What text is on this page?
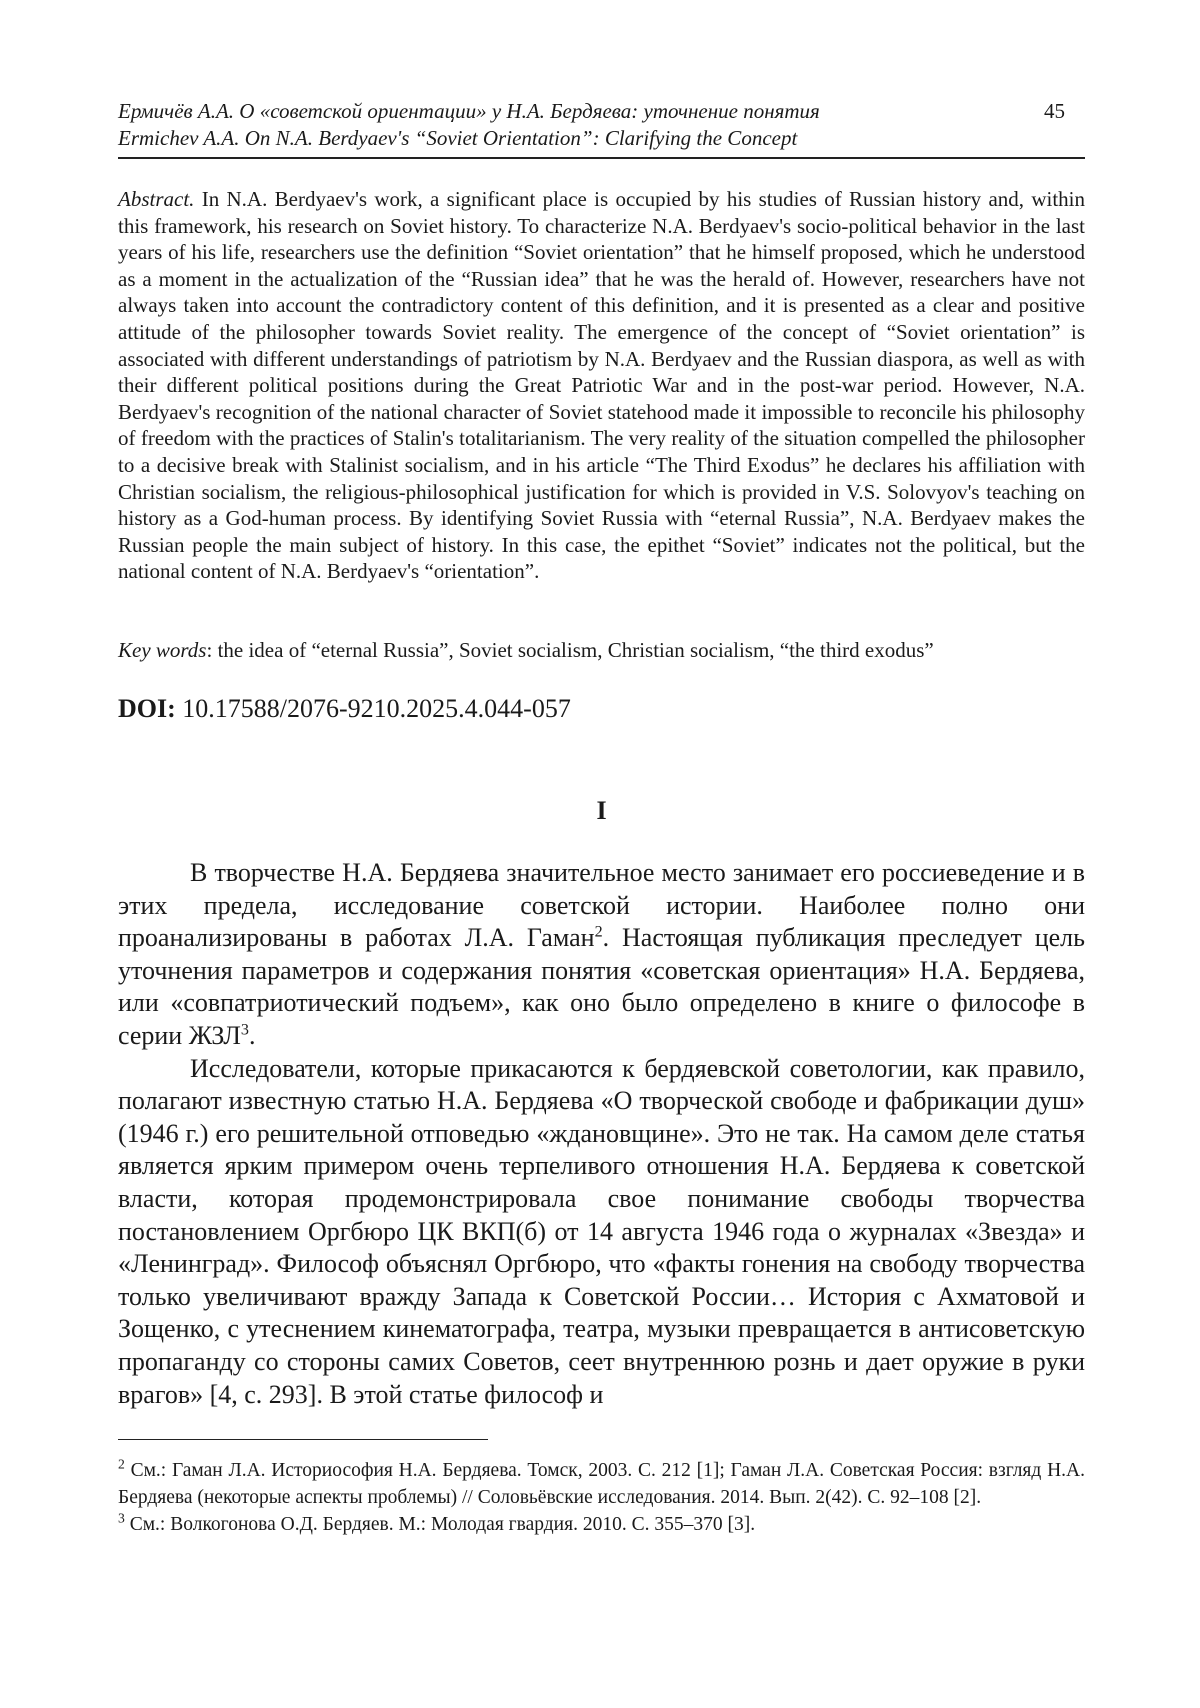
Ермичёв А.А. О «советской ориентации» у Н.А. Бердяева: уточнение понятия
Ermichev A.A. On N.A. Berdyaev's “Soviet Orientation”: Clarifying the Concept
45
Abstract. In N.A. Berdyaev's work, a significant place is occupied by his studies of Russian history and, within this framework, his research on Soviet history. To characterize N.A. Berdyaev's socio-political behavior in the last years of his life, researchers use the definition “Soviet orientation” that he himself proposed, which he understood as a moment in the actualization of the “Russian idea” that he was the herald of. However, researchers have not always taken into account the contradictory content of this definition, and it is presented as a clear and positive attitude of the philosopher towards Soviet reality. The emergence of the concept of “Soviet orientation” is associated with different understandings of patriotism by N.A. Berdyaev and the Russian diaspora, as well as with their different political positions during the Great Patriotic War and in the post-war period. However, N.A. Berdyaev's recognition of the national character of Soviet statehood made it impossible to reconcile his philosophy of freedom with the practices of Stalin's totalitarianism. The very reality of the situation compelled the philosopher to a decisive break with Stalinist socialism, and in his article “The Third Exodus” he declares his affiliation with Christian socialism, the religious-philosophical justification for which is provided in V.S. Solovyov's teaching on history as a God-human process. By identifying Soviet Russia with “eternal Russia”, N.A. Berdyaev makes the Russian people the main subject of history. In this case, the epithet “Soviet” indicates not the political, but the national content of N.A. Berdyaev's “orientation”.
Key words: the idea of “eternal Russia”, Soviet socialism, Christian socialism, “the third exodus”
DOI: 10.17588/2076-9210.2025.4.044-057
I

В творчестве Н.А. Бердяева значительное место занимает его россиеведение и в этих предела, исследование советской истории. Наиболее полно они проанализированы в работах Л.А. Гаман$^2$. Настоящая публикация преследует цель уточнения параметров и содержания понятия «советская ориентация» Н.А. Бердяева, или «совпатриотический подъем», как оно было определено в книге о философе в серии ЖЗЛ$^3$.

Исследователи, которые прикасаются к бердяевской советологии, как правило, полагают известную статью Н.А. Бердяева «О творческой свободе и фабрикации душ» (1946 г.) его решительной отповедью «ждановщине». Это не так. На самом деле статья является ярким примером очень терпеливого отношения Н.А. Бердяева к советской власти, которая продемонстрировала свое понимание свободы творчества постановлением Оргбюро ЦК ВКП(б) от 14 августа 1946 года о журналах «Звезда» и «Ленинград». Философ объяснял Оргбюро, что «факты гонения на свободу творчества только увеличивают вражду Запада к Советской России… История с Ахматовой и Зощенко, с утеснением кинематографа, театра, музыки превращается в антисоветскую пропаганду со стороны самих Советов, сеет внутреннюю рознь и дает оружие в руки врагов» [4, с. 293]. В этой статье философ и

$^2$ См.: Гаман Л.А. Историософия Н.А. Бердяева. Томск, 2003. С. 212 [1]; Гаман Л.А. Советская Россия: взгляд Н.А. Бердяева (некоторые аспекты проблемы) // Соловьёвские исследования. 2014. Вып. 2(42). С. 92–108 [2].

$^3$ См.: Волкогонова О.Д. Бердяев. М.: Молодая гвардия. 2010. С. 355–370 [3].
